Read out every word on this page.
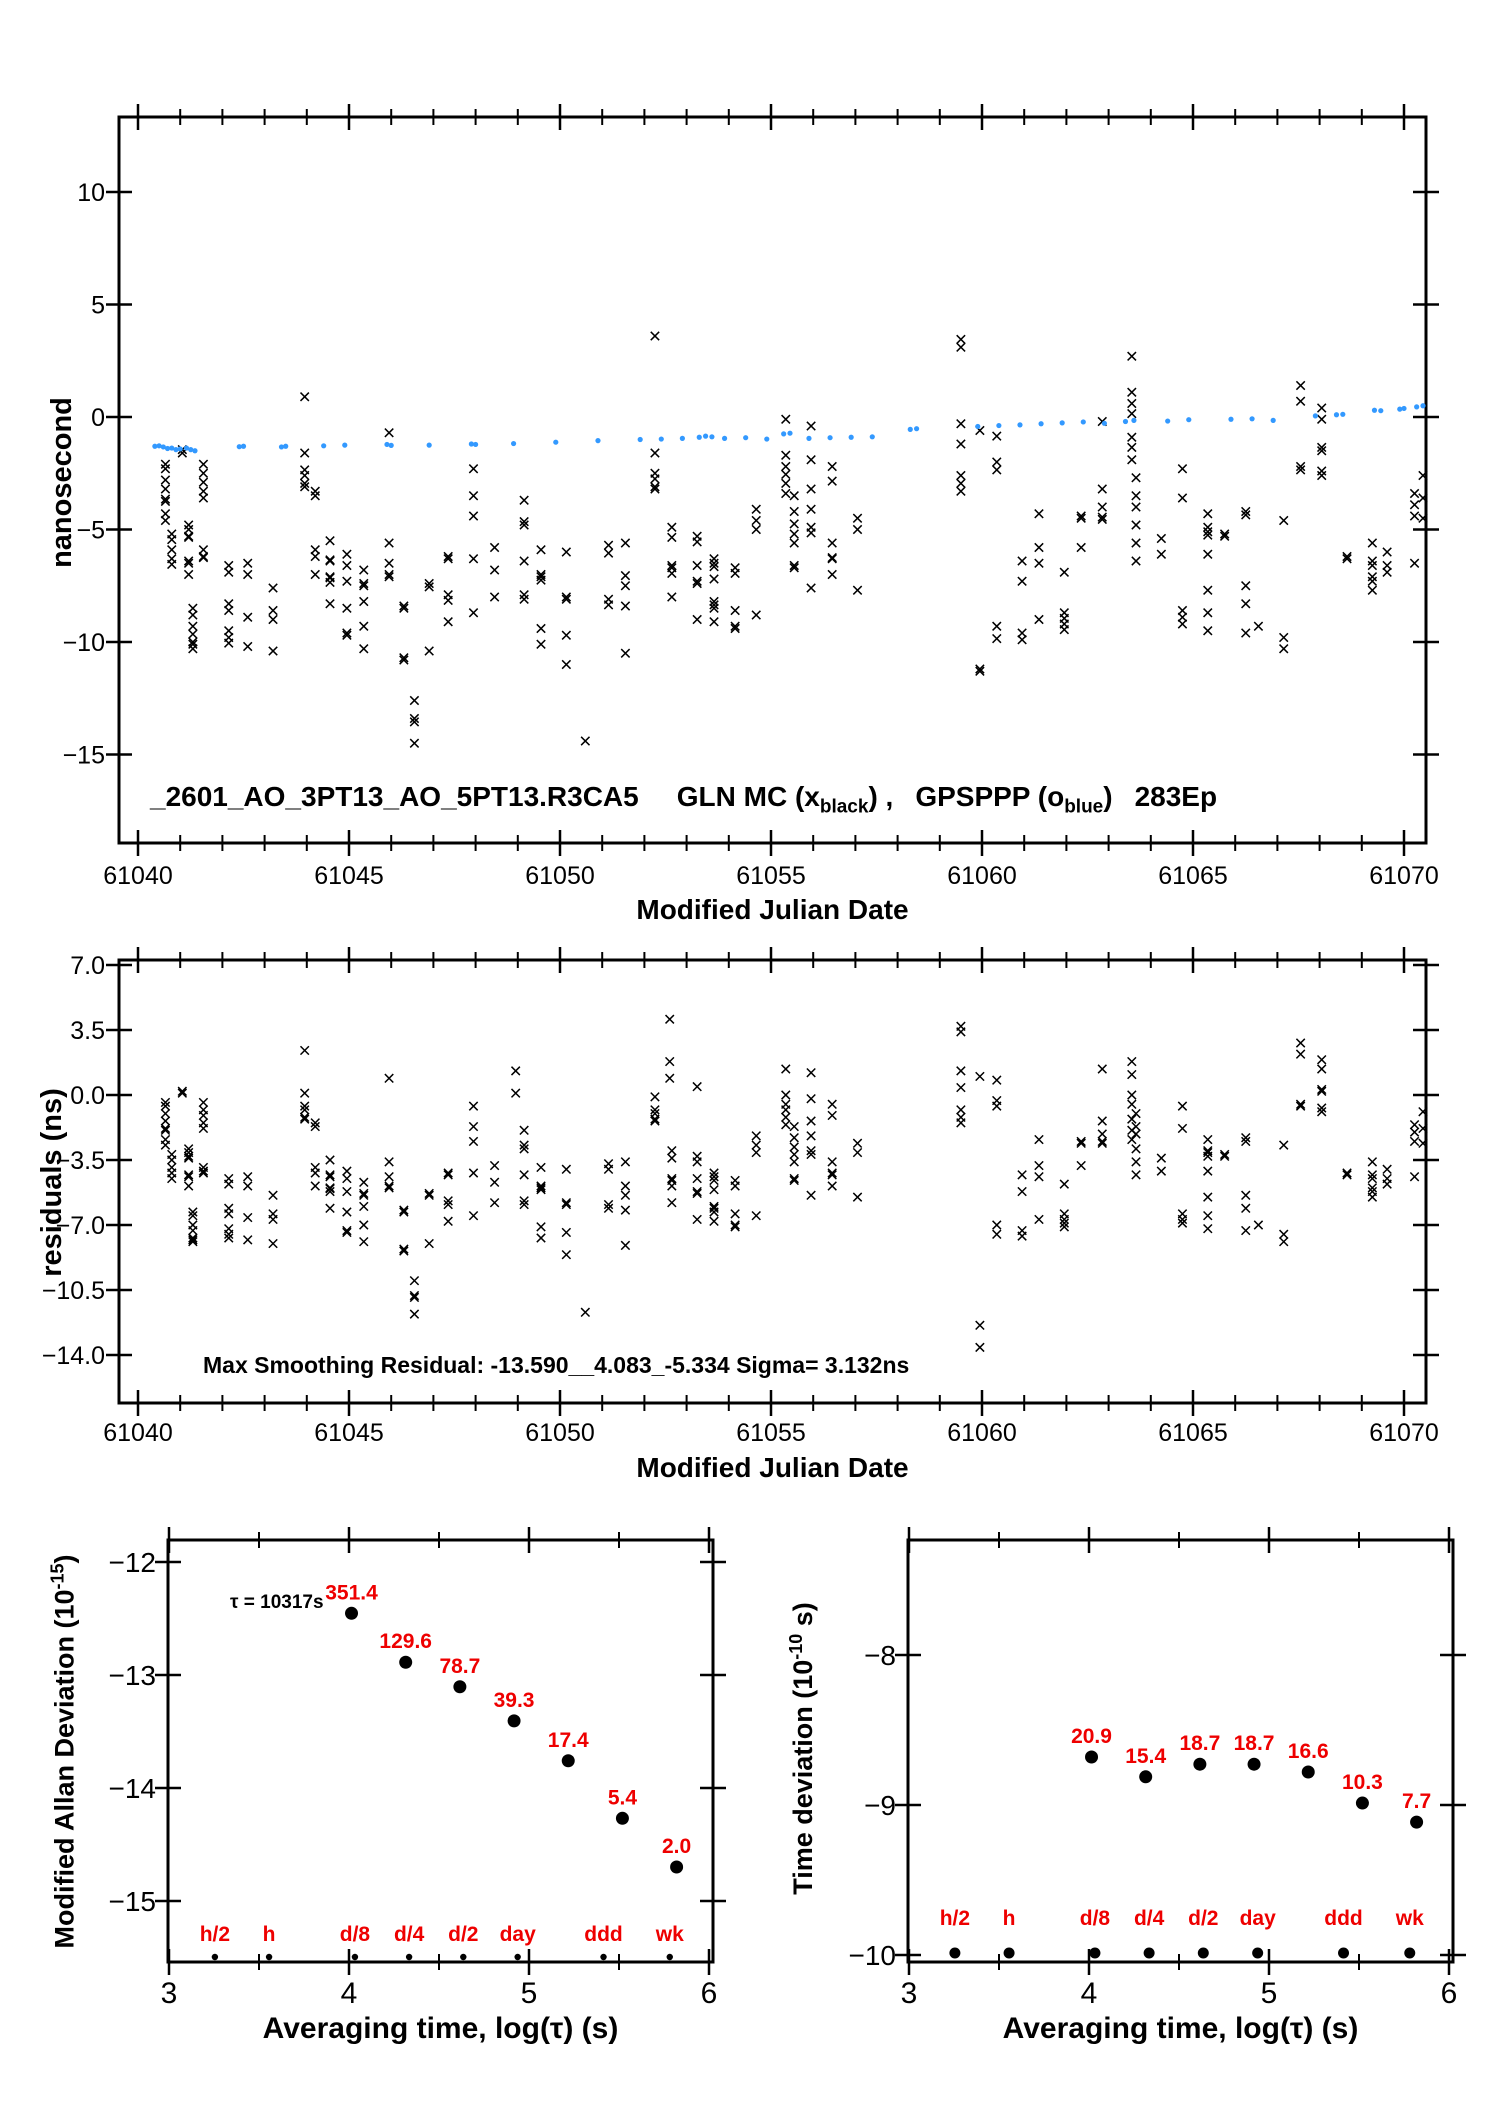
10
5
0
−5
−10
−15
61040	61045	61050	61055	61060	61065	61070
7.0
3.5
0.0
−3.5
−7.0
−10.5
−14.0
61040	61045	61050	61055	61060	61065	61070
3	4	5	6
−12
−13
−14
−15
351.4
129.6
78.7
39.3
17.4
5.4
2.0
h/2 h	d/8 d/4 d/2 day ddd wk
3	4	5	6
−8
−9
−10
20.9
15.4
18.7 18.7 16.6
10.3
7.7
h/2 h	d/8 d/4 d/2 day ddd wk
_2601_AO_3PT13_AO_5PT13.R3CA5 GLN MC $(x_{black})$ , GPSPPP $(o_{blue})$ 283Ep
nanosecond
Modified Julian Date
residuals (ns)
Modified Julian Date
Max Smoothing Residual: -13.590__4.083_-5.334 Sigma= 3.132ns
Modified Allan Deviation $(10^{-15})$
Time deviation ($10^{-10}$ s)
τ = 10317s
Averaging time, log(τ) (s)	Averaging time, log(τ) (s)
